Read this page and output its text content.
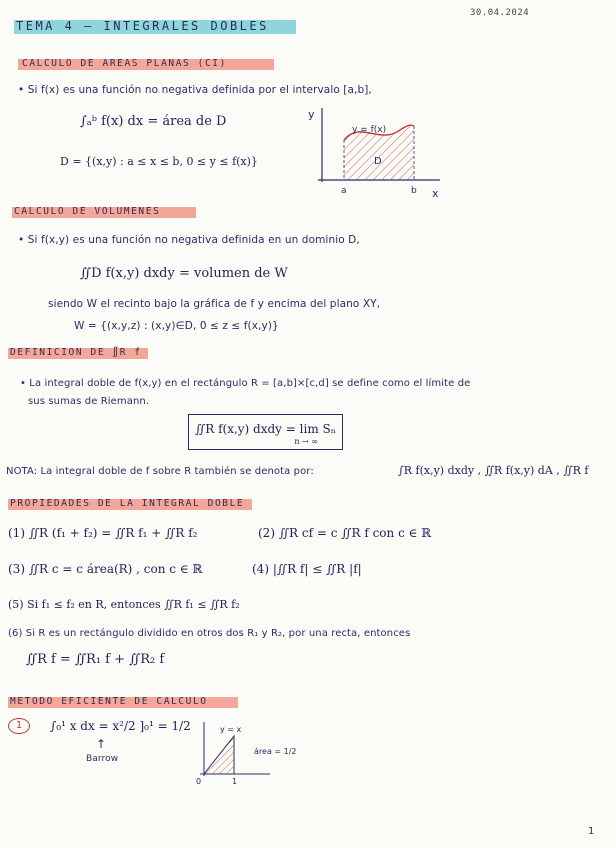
30.04.2024
TEMA 4 — INTEGRALES DOBLES
CALCULO DE AREAS PLANAS (CI)
• Si f(x) es una función no negativa definida por el intervalo [a,b],
∫ₐᵇ f(x) dx = área de D
D = {(x,y) : a ≤ x ≤ b, 0 ≤ y ≤ f(x)}
y
x
y = f(x)
D
a	b
CALCULO DE VOLUMENES
• Si f(x,y) es una función no negativa definida en un dominio D,
∬D f(x,y) dxdy = volumen de W
siendo W el recinto bajo la gráfica de f y encima del plano XY,
W = {(x,y,z) : (x,y)∈D, 0 ≤ z ≤ f(x,y)}
DEFINICION DE ∬R f
• La integral doble de f(x,y) en el rectángulo R = [a,b]×[c,d] se define como el límite de
sus sumas de Riemann.
∬R f(x,y) dxdy = lim Sₙ
n → ∞
NOTA: La integral doble de f sobre R también se denota por:	∫R f(x,y) dxdy , ∬R f(x,y) dA , ∬R f
PROPIEDADES DE LA INTEGRAL DOBLE
(1) ∬R (f₁ + f₂) = ∬R f₁ + ∬R f₂	(2) ∬R cf = c ∬R f con c ∈ ℝ
(3) ∬R c = c área(R) , con c ∈ ℝ	(4) |∬R f| ≤ ∬R |f|
(5) Si f₁ ≤ f₂ en R, entonces ∬R f₁ ≤ ∬R f₂
(6) Si R es un rectángulo dividido en otros dos R₁ y R₂, por una recta, entonces
∬R f = ∬R₁ f + ∬R₂ f
METODO EFICIENTE DE CALCULO
1	∫₀¹ x dx = x²/2 ]₀¹ = 1/2
↑
Barrow
y = x
área = 1/2
0	1
1
